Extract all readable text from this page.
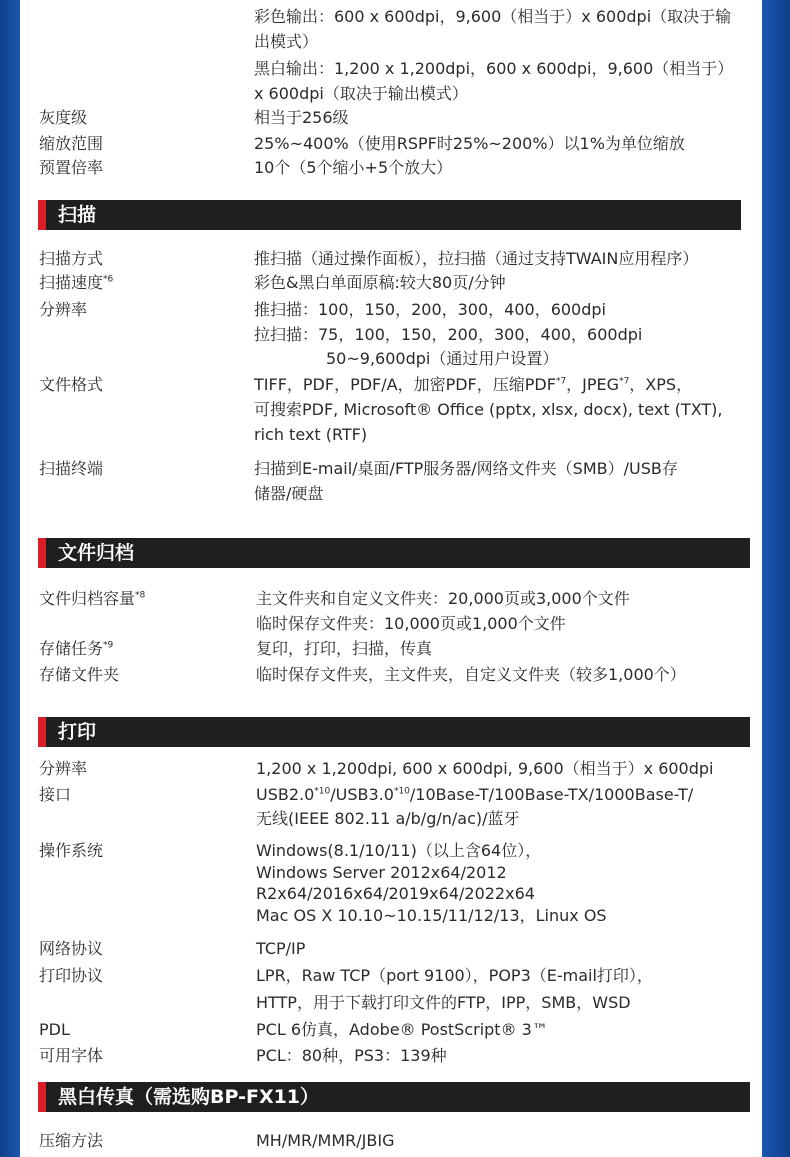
彩色输出：600 x 600dpi，9,600（相当于）x 600dpi（取决于输
出模式）
黑白输出：1,200 x 1,200dpi，600 x 600dpi，9,600（相当于）
x 600dpi（取决于输出模式）
灰度级	相当于256级
缩放范围	25%~400%（使用RSPF时25%~200%）以1%为单位缩放
预置倍率	10个（5个缩小+5个放大）
扫描
扫描方式	推扫描（通过操作面板），拉扫描（通过支持TWAIN应用程序）
扫描速度$^{*6}$	彩色&黑白单面原稿:较大80页/分钟
分辨率	推扫描：100，150，200，300，400，600dpi
拉扫描：75，100，150，200，300，400，600dpi
50~9,600dpi（通过用户设置）
文件格式	TIFF，PDF，PDF/A，加密PDF，压缩PDF$^{*7}$，JPEG$^{*7}$，XPS，
可搜索PDF, Microsoft® Office (pptx, xlsx, docx), text (TXT),
rich text (RTF)
扫描终端	扫描到E-mail/桌面/FTP服务器/网络文件夹（SMB）/USB存
储器/硬盘
文件归档
文件归档容量$^{*8}$	主文件夹和自定义文件夹：20,000页或3,000个文件
临时保存文件夹：10,000页或1,000个文件
存储任务$^{*9}$	复印，打印，扫描，传真
存储文件夹	临时保存文件夹，主文件夹，自定义文件夹（较多1,000个）
打印
分辨率	1,200 x 1,200dpi, 600 x 600dpi, 9,600（相当于）x 600dpi
接口	USB2.0$^{*10}$/USB3.0$^{*10}$/10Base-T/100Base-TX/1000Base-T/
无线(IEEE 802.11 a/b/g/n/ac)/蓝牙
操作系统	Windows(8.1/10/11)（以上含64位），
Windows Server 2012x64/2012
R2x64/2016x64/2019x64/2022x64
Mac OS X 10.10~10.15/11/12/13，Linux OS
网络协议	TCP/IP
打印协议	LPR，Raw TCP（port 9100），POP3（E-mail打印），
HTTP，用于下载打印文件的FTP，IPP，SMB，WSD
PDL	PCL 6仿真，Adobe® PostScript® 3™
可用字体	PCL：80种，PS3：139种
黑白传真（需选购BP-FX11）
压缩方法	MH/MR/MMR/JBIG
